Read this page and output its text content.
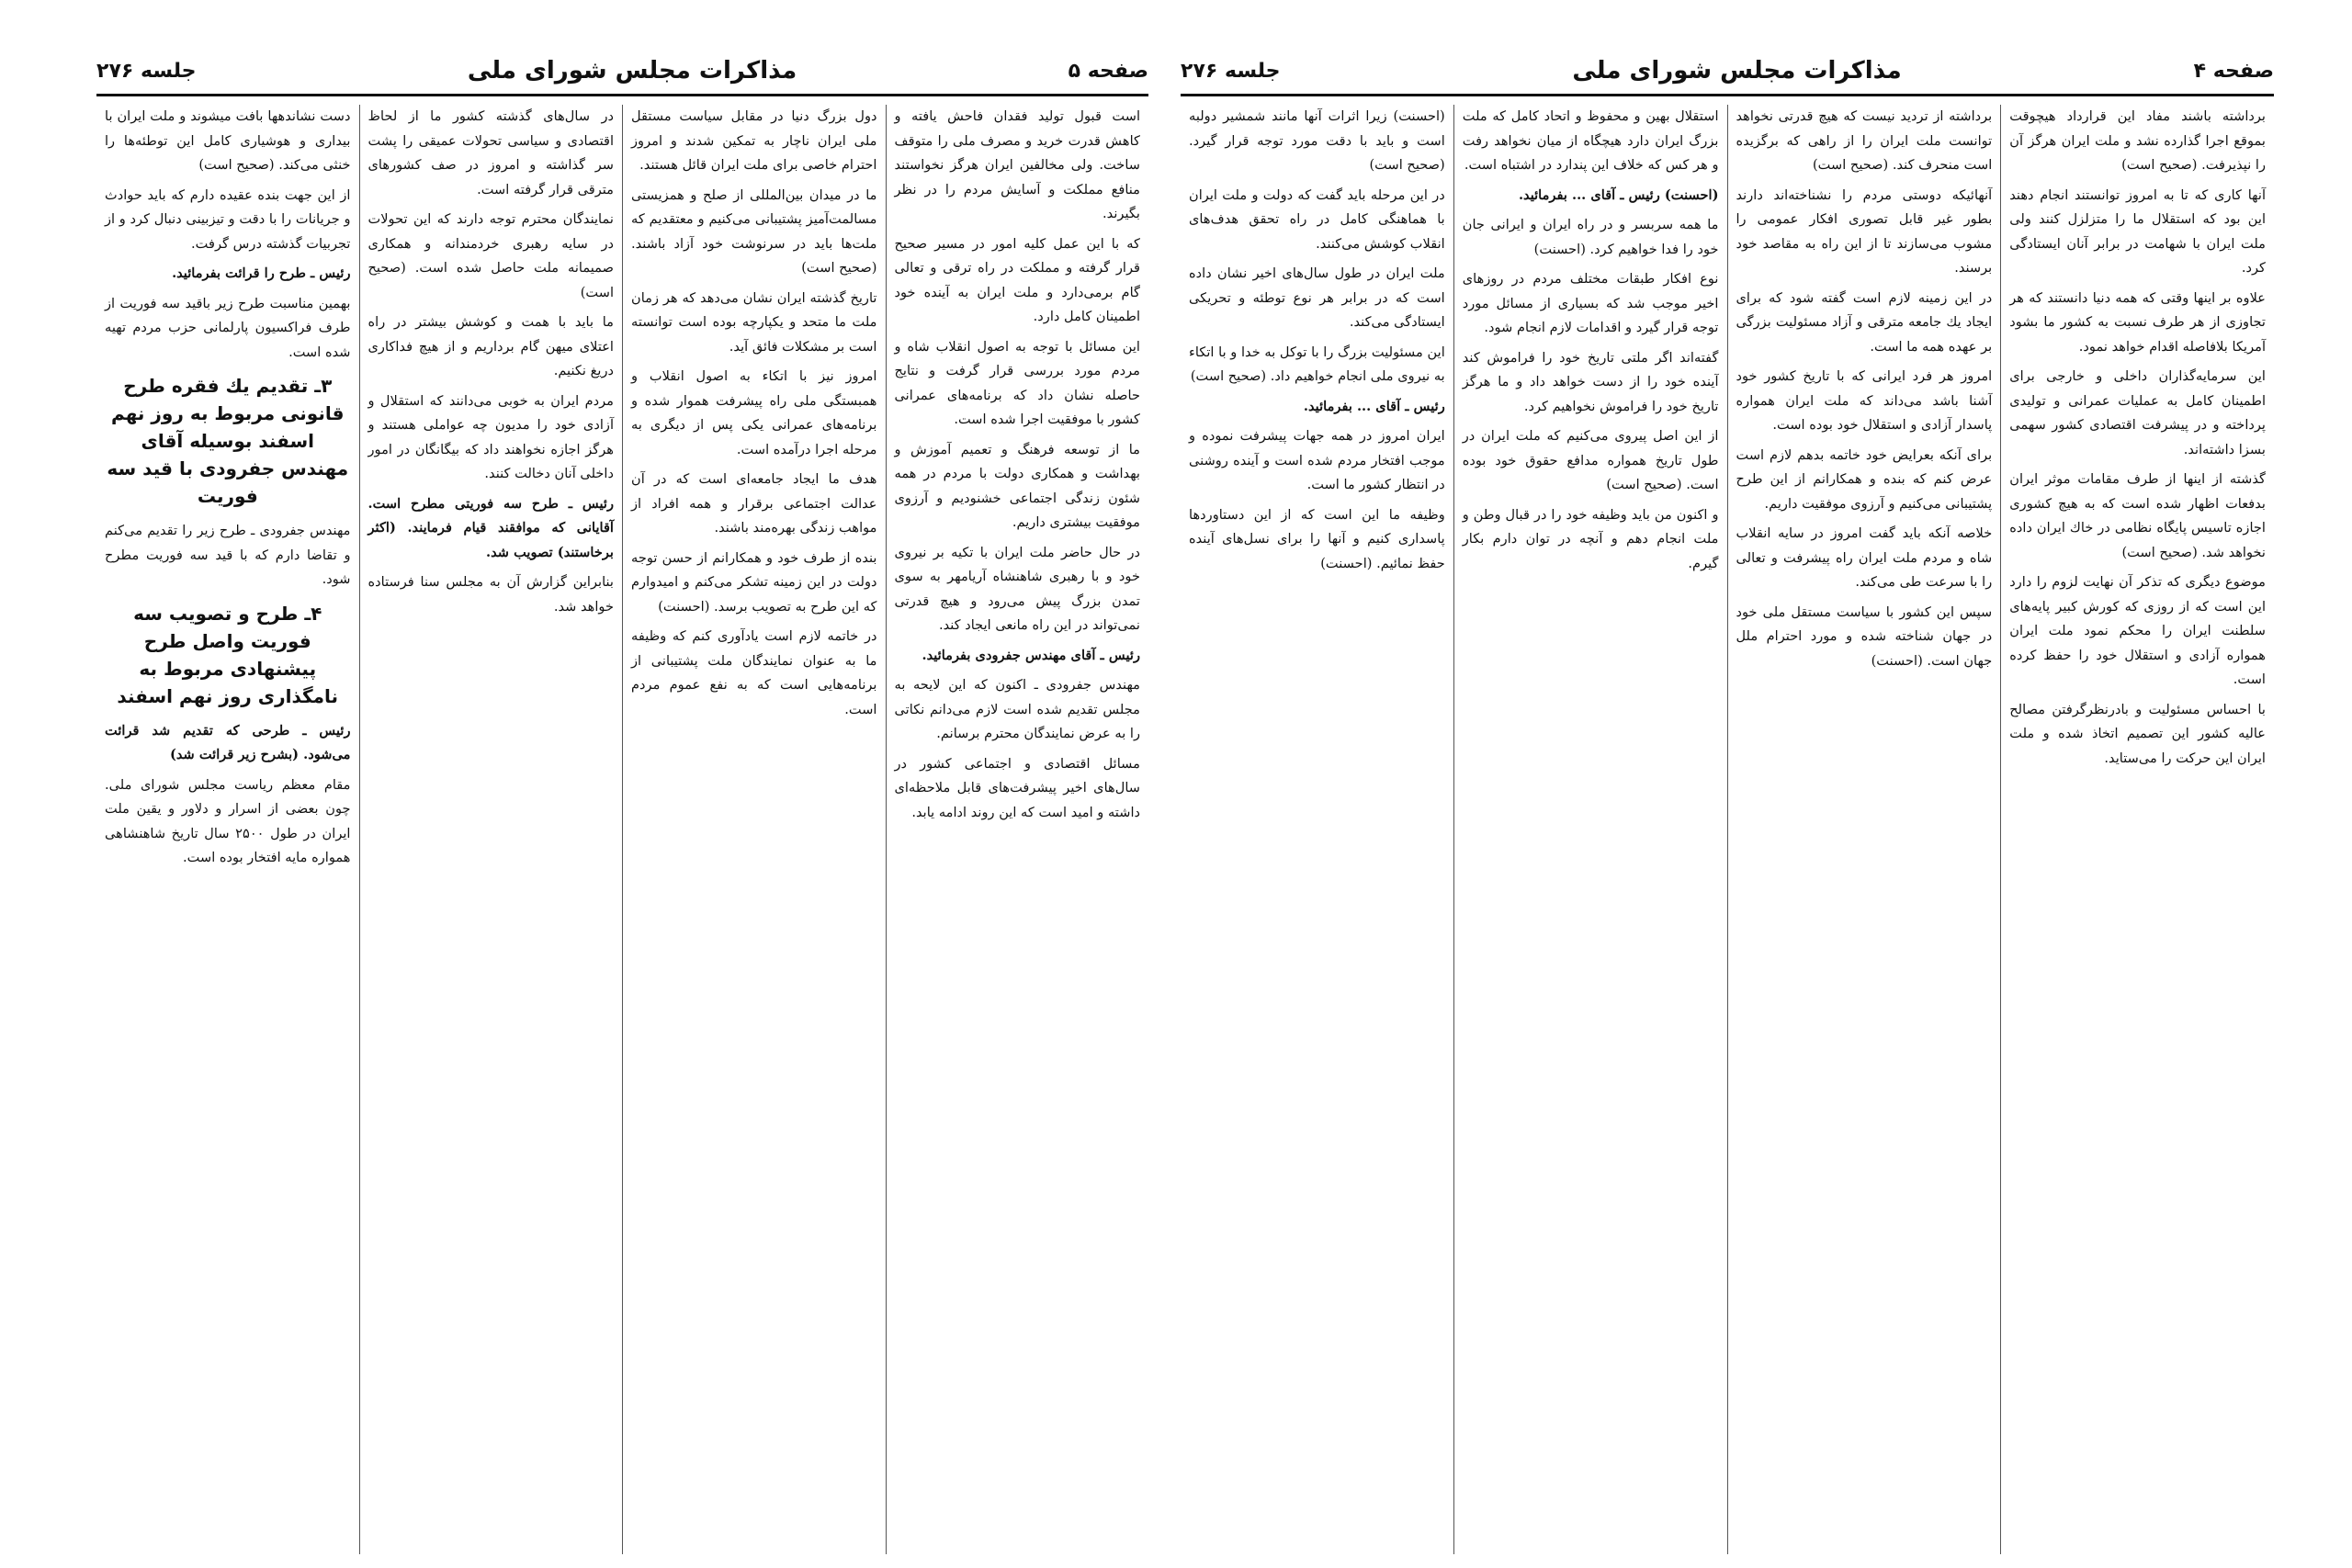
صفحه ۵
مذاکرات مجلس شورای ملی
جلسه ۲۷۶

است قبول توليد فقدان فاحش يافته و كاهش قدرت خريد و مصرف ملی را متوقف ساخت. ولی مخالفين ايران هرگز نخواستند منافع مملكت و آسايش مردم را در نظر بگيرند.

كه با اين عمل كليه امور در مسير صحيح قرار گرفته و مملكت در راه ترقی و تعالی گام برمی‌دارد و ملت ايران به آينده خود اطمينان كامل دارد.

اين مسائل با توجه به اصول انقلاب شاه و مردم مورد بررسی قرار گرفت و نتايج حاصله نشان داد كه برنامه‌های عمرانی كشور با موفقيت اجرا شده است.

ما از توسعه فرهنگ و تعميم آموزش و بهداشت و همكاری دولت با مردم در همه شئون زندگی اجتماعی خشنودیم و آرزوی موفقيت بيشتری داريم.

در حال حاضر ملت ايران با تكيه بر نيروی خود و با رهبری شاهنشاه آريامهر به سوی تمدن بزرگ پيش می‌رود و هيچ قدرتی نمی‌تواند در اين راه مانعی ايجاد كند.

رئيس ـ آقای مهندس جفرودی بفرمائيد.

مهندس جفرودی ـ اكنون كه اين لايحه به مجلس تقديم شده است لازم می‌دانم نكاتی را به عرض نمايندگان محترم برسانم.

مسائل اقتصادی و اجتماعی كشور در سال‌های اخير پيشرفت‌های قابل ملاحظه‌ای داشته و اميد است كه اين روند ادامه يابد.

دول بزرگ دنيا در مقابل سياست مستقل ملی ايران ناچار به تمكين شدند و امروز احترام خاصی برای ملت ايران قائل هستند.

ما در ميدان بين‌المللی از صلح و همزيستی مسالمت‌آميز پشتيبانی می‌كنيم و معتقديم كه ملت‌ها بايد در سرنوشت خود آزاد باشند. (صحيح است)

تاريخ گذشته ايران نشان می‌دهد كه هر زمان ملت ما متحد و يكپارچه بوده است توانسته است بر مشكلات فائق آيد.

امروز نيز با اتكاء به اصول انقلاب و همبستگی ملی راه پيشرفت هموار شده و برنامه‌های عمرانی يكی پس از ديگری به مرحله اجرا درآمده است.

هدف ما ايجاد جامعه‌ای است كه در آن عدالت اجتماعی برقرار و همه افراد از مواهب زندگی بهره‌مند باشند.

بنده از طرف خود و همكارانم از حسن توجه دولت در اين زمينه تشكر می‌كنم و اميدوارم كه اين طرح به تصويب برسد. (احسنت)

در خاتمه لازم است يادآوری كنم كه وظيفه ما به عنوان نمايندگان ملت پشتيبانی از برنامه‌هايی است كه به نفع عموم مردم است.

در سال‌های گذشته كشور ما از لحاظ اقتصادی و سياسی تحولات عميقی را پشت سر گذاشته و امروز در صف كشورهای مترقی قرار گرفته است.

نمايندگان محترم توجه دارند كه اين تحولات در سايه رهبری خردمندانه و همكاری صميمانه ملت حاصل شده است. (صحيح است)

ما بايد با همت و كوشش بيشتر در راه اعتلای ميهن گام برداريم و از هيچ فداكاری دريغ نكنيم.

مردم ايران به خوبی می‌دانند كه استقلال و آزادی خود را مديون چه عواملی هستند و هرگز اجازه نخواهند داد كه بيگانگان در امور داخلی آنان دخالت كنند.

رئيس ـ طرح سه فوريتی مطرح است. آقايانی كه موافقند قيام فرمايند. (اكثر برخاستند) تصويب شد.

بنابراين گزارش آن به مجلس سنا فرستاده خواهد شد.

دست نشاندهها بافت میشوند و ملت ايران با بيداری و هوشياری كامل اين توطئه‌ها را خنثی می‌كند. (صحيح است)

از اين جهت بنده عقيده دارم كه بايد حوادث و جريانات را با دقت و تيزبينی دنبال كرد و از تجربيات گذشته درس گرفت.

رئيس ـ طرح را قرائت بفرمائيد.

بهمين مناسبت طرح زير باقيد سه فوريت از طرف فراكسيون پارلمانی حزب مردم تهيه شده است.

۳ـ تقديم يك فقره طرح قانونی مربوط به روز نهم اسفند بوسيله آقای مهندس جفرودی با قيد سه فوريت

مهندس جفرودی ـ طرح زير را تقديم می‌كنم و تقاضا دارم كه با قيد سه فوريت مطرح شود.

۴ـ طرح و تصويب سه فوريت واصل طرح پيشنهادی مربوط به نامگذاری روز نهم اسفند

رئيس ـ طرحی كه تقديم شد قرائت می‌شود. (بشرح زير قرائت شد)

مقام معظم رياست مجلس شورای ملی. چون بعضی از اسرار و دلاور و يقين ملت ايران در طول ۲۵۰۰ سال تاريخ شاهنشاهی همواره مایه افتخار بوده است.

صفحه ۴
مذاكرات مجلس شورای ملی
جلسه ۲۷۶

برداشته باشند مفاد اين قرارداد هيچوقت بموقع اجرا گذارده نشد و ملت ايران هرگز آن را نپذيرفت. (صحيح است)

آنها كاری كه تا به امروز توانستند انجام دهند اين بود كه استقلال ما را متزلزل كنند ولی ملت ايران با شهامت در برابر آنان ايستادگی كرد.

علاوه بر اينها وقتی كه همه دنيا دانستند كه هر تجاوزی از هر طرف نسبت به كشور ما بشود آمريكا بلافاصله اقدام خواهد نمود.

اين سرمايه‌گذاران داخلی و خارجی برای اطمينان كامل به عمليات عمرانی و توليدی پرداخته و در پيشرفت اقتصادی كشور سهمی بسزا داشته‌اند.

گذشته از اينها از طرف مقامات موثر ايران بدفعات اظهار شده است كه به هيچ كشوری اجازه تاسيس پايگاه نظامی در خاك ايران داده نخواهد شد. (صحيح است)

موضوع ديگری كه تذكر آن نهايت لزوم را دارد اين است كه از روزی كه كورش كبير پايه‌های سلطنت ايران را محكم نمود ملت ايران همواره آزادی و استقلال خود را حفظ كرده است.

با احساس مسئوليت و بادرنظرگرفتن مصالح عاليه كشور اين تصميم اتخاذ شده و ملت ايران اين حركت را می‌ستايد.

برداشته از ترديد نيست كه هيچ قدرتی نخواهد توانست ملت ايران را از راهی كه برگزيده است منحرف كند. (صحيح است)

آنهائيكه دوستی مردم را نشناخته‌اند دارند بطور غير قابل تصوری افكار عمومی را مشوب می‌سازند تا از اين راه به مقاصد خود برسند.

در اين زمينه لازم است گفته شود كه برای ايجاد يك جامعه مترقی و آزاد مسئوليت بزرگی بر عهده همه ما است.

امروز هر فرد ايرانی كه با تاريخ كشور خود آشنا باشد می‌داند كه ملت ايران همواره پاسدار آزادی و استقلال خود بوده است.

برای آنكه بعرايض خود خاتمه بدهم لازم است عرض كنم كه بنده و همكارانم از اين طرح پشتيبانی می‌كنيم و آرزوی موفقيت داريم.

خلاصه آنكه بايد گفت امروز در سايه انقلاب شاه و مردم ملت ايران راه پيشرفت و تعالی را با سرعت طی می‌كند.

سپس اين كشور با سياست مستقل ملی خود در جهان شناخته شده و مورد احترام ملل جهان است. (احسنت)

استقلال بهين و محفوظ و اتحاد كامل كه ملت بزرگ ايران دارد هيچگاه از ميان نخواهد رفت و هر كس كه خلاف اين پندارد در اشتباه است.

(احسنت) رئيس ـ آقای ... بفرمائيد.

ما همه سربسر و در راه ايران و ايرانی جان خود را فدا خواهيم كرد. (احسنت)

نوع افكار طبقات مختلف مردم در روزهای اخير موجب شد كه بسياری از مسائل مورد توجه قرار گيرد و اقدامات لازم انجام شود.

گفته‌اند اگر ملتی تاريخ خود را فراموش كند آينده خود را از دست خواهد داد و ما هرگز تاريخ خود را فراموش نخواهيم كرد.

از اين اصل پيروی می‌كنيم كه ملت ايران در طول تاريخ همواره مدافع حقوق خود بوده است. (صحيح است)

و اكنون من بايد وظيفه خود را در قبال وطن و ملت انجام دهم و آنچه در توان دارم بكار گيرم.

(احسنت) زيرا اثرات آنها مانند شمشير دولبه است و بايد با دقت مورد توجه قرار گيرد. (صحيح است)

در اين مرحله بايد گفت كه دولت و ملت ايران با هماهنگی كامل در راه تحقق هدف‌های انقلاب كوشش می‌كنند.

ملت ايران در طول سال‌های اخير نشان داده است كه در برابر هر نوع توطئه و تحريكی ايستادگی می‌كند.

اين مسئوليت بزرگ را با توكل به خدا و با اتكاء به نيروی ملی انجام خواهيم داد. (صحيح است)

رئيس ـ آقای ... بفرمائيد.

ايران امروز در همه جهات پيشرفت نموده و موجب افتخار مردم شده است و آينده روشنی در انتظار كشور ما است.

وظيفه ما اين است كه از اين دستاوردها پاسداری كنيم و آنها را برای نسل‌های آينده حفظ نمائيم. (احسنت)
